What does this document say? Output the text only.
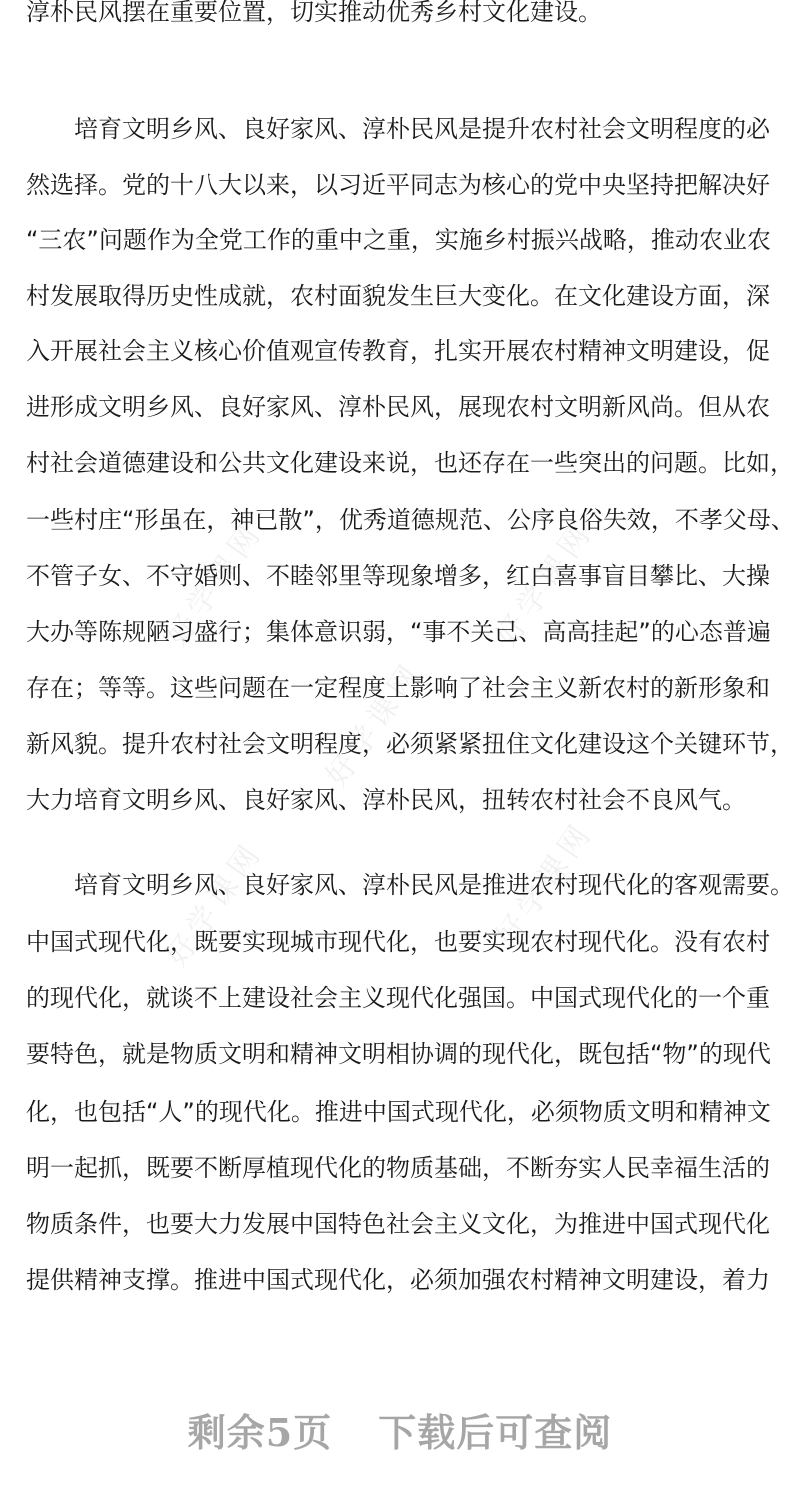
淳朴民风摆在重要位置，切实推动优秀乡村文化建设。
培育文明乡风、良好家风、淳朴民风是提升农村社会文明程度的必
然选择。党的十八大以来，以习近平同志为核心的党中央坚持把解决好
“三农”问题作为全党工作的重中之重，实施乡村振兴战略，推动农业农
村发展取得历史性成就，农村面貌发生巨大变化。在文化建设方面，深
入开展社会主义核心价值观宣传教育，扎实开展农村精神文明建设，促
进形成文明乡风、良好家风、淳朴民风，展现农村文明新风尚。但从农
村社会道德建设和公共文化建设来说，也还存在一些突出的问题。比如，
一些村庄“形虽在，神已散”，优秀道德规范、公序良俗失效，不孝父母、
不管子女、不守婚则、不睦邻里等现象增多，红白喜事盲目攀比、大操
大办等陈规陋习盛行；集体意识弱，“事不关己、高高挂起”的心态普遍
存在；等等。这些问题在一定程度上影响了社会主义新农村的新形象和
新风貌。提升农村社会文明程度，必须紧紧扭住文化建设这个关键环节，
大力培育文明乡风、良好家风、淳朴民风，扭转农村社会不良风气。
培育文明乡风、良好家风、淳朴民风是推进农村现代化的客观需要。
中国式现代化，既要实现城市现代化，也要实现农村现代化。没有农村
的现代化，就谈不上建设社会主义现代化强国。中国式现代化的一个重
要特色，就是物质文明和精神文明相协调的现代化，既包括“物”的现代
化，也包括“人”的现代化。推进中国式现代化，必须物质文明和精神文
明一起抓，既要不断厚植现代化的物质基础，不断夯实人民幸福生活的
物质条件，也要大力发展中国特色社会主义文化，为推进中国式现代化
提供精神支撑。推进中国式现代化，必须加强农村精神文明建设，着力
剩余5页 下载后可查阅
好学课网	好学课网
好学课网
好学课网	好学课网
